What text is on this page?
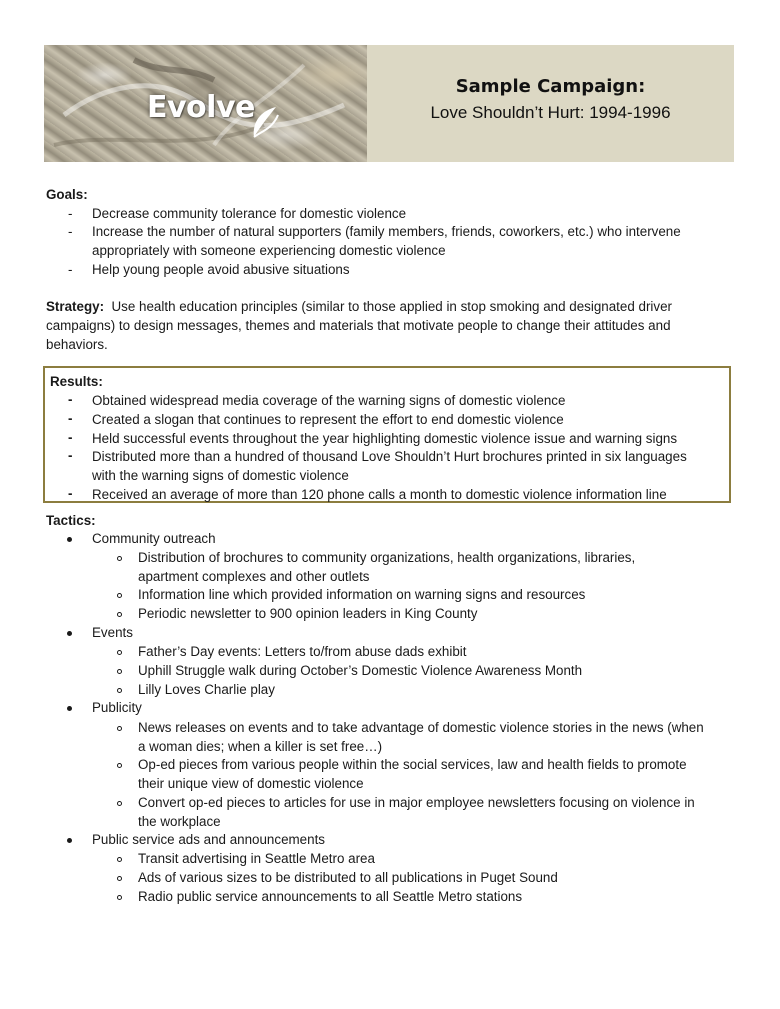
Evolve
Sample Campaign:
Love Shouldn’t Hurt: 1994-1996
Goals:
- Decrease community tolerance for domestic violence
- Increase the number of natural supporters (family members, friends, coworkers, etc.) who intervene
appropriately with someone experiencing domestic violence
- Help young people avoid abusive situations
Strategy: Use health education principles (similar to those applied in stop smoking and designated driver
campaigns) to design messages, themes and materials that motivate people to change their attitudes and
behaviors.
Results:
- Obtained widespread media coverage of the warning signs of domestic violence
- Created a slogan that continues to represent the effort to end domestic violence
- Held successful events throughout the year highlighting domestic violence issue and warning signs
- Distributed more than a hundred of thousand Love Shouldn’t Hurt brochures printed in six languages
with the warning signs of domestic violence
- Received an average of more than 120 phone calls a month to domestic violence information line
Tactics:
Community outreach
Distribution of brochures to community organizations, health organizations, libraries,
apartment complexes and other outlets
Information line which provided information on warning signs and resources
Periodic newsletter to 900 opinion leaders in King County
Events
Father’s Day events: Letters to/from abuse dads exhibit
Uphill Struggle walk during October’s Domestic Violence Awareness Month
Lilly Loves Charlie play
Publicity
News releases on events and to take advantage of domestic violence stories in the news (when
a woman dies; when a killer is set free…)
Op-ed pieces from various people within the social services, law and health fields to promote
their unique view of domestic violence
Convert op-ed pieces to articles for use in major employee newsletters focusing on violence in
the workplace
Public service ads and announcements
Transit advertising in Seattle Metro area
Ads of various sizes to be distributed to all publications in Puget Sound
Radio public service announcements to all Seattle Metro stations
